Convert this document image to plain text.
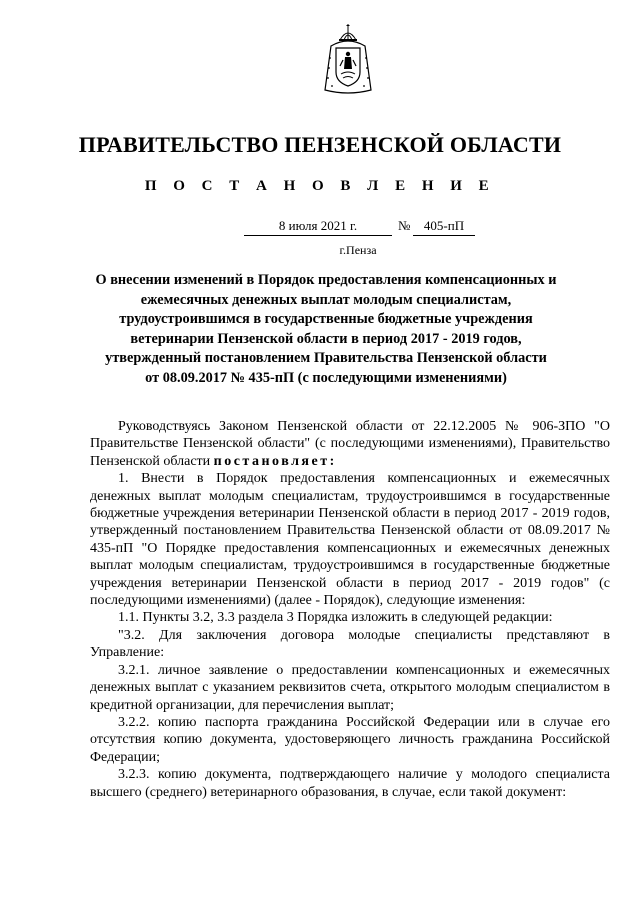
ПРАВИТЕЛЬСТВО ПЕНЗЕНСКОЙ ОБЛАСТИ
П О С Т А Н О В Л Е Н И Е
8 июля 2021 г.	№	405-пП
г.Пенза
О внесении изменений в Порядок предоставления компенсационных и
ежемесячных денежных выплат молодым специалистам,
трудоустроившимся в государственные бюджетные учреждения
ветеринарии Пензенской области в период 2017 - 2019 годов,
утвержденный постановлением Правительства Пензенской области
от 08.09.2017 № 435-пП (с последующими изменениями)

Руководствуясь Законом Пензенской области от 22.12.2005 № 906-ЗПО "О Правительстве Пензенской области" (с последующими изменениями), Правительство Пензенской области постановляет:

1. Внести в Порядок предоставления компенсационных и ежемесячных денежных выплат молодым специалистам, трудоустроившимся в государственные бюджетные учреждения ветеринарии Пензенской области в период 2017 - 2019 годов, утвержденный постановлением Правительства Пензенской области от 08.09.2017 № 435-пП "О Порядке предоставления компенсационных и ежемесячных денежных выплат молодым специалистам, трудоустроившимся в государственные бюджетные учреждения ветеринарии Пензенской области в период 2017 - 2019 годов" (с последующими изменениями) (далее - Порядок), следующие изменения:

1.1. Пункты 3.2, 3.3 раздела 3 Порядка изложить в следующей редакции:

"3.2. Для заключения договора молодые специалисты представляют в Управление:

3.2.1. личное заявление о предоставлении компенсационных и ежемесячных денежных выплат с указанием реквизитов счета, открытого молодым специалистом в кредитной организации, для перечисления выплат;

3.2.2. копию паспорта гражданина Российской Федерации или в случае его отсутствия копию документа, удостоверяющего личность гражданина Российской Федерации;

3.2.3. копию документа, подтверждающего наличие у молодого специалиста высшего (среднего) ветеринарного образования, в случае, если такой документ:
